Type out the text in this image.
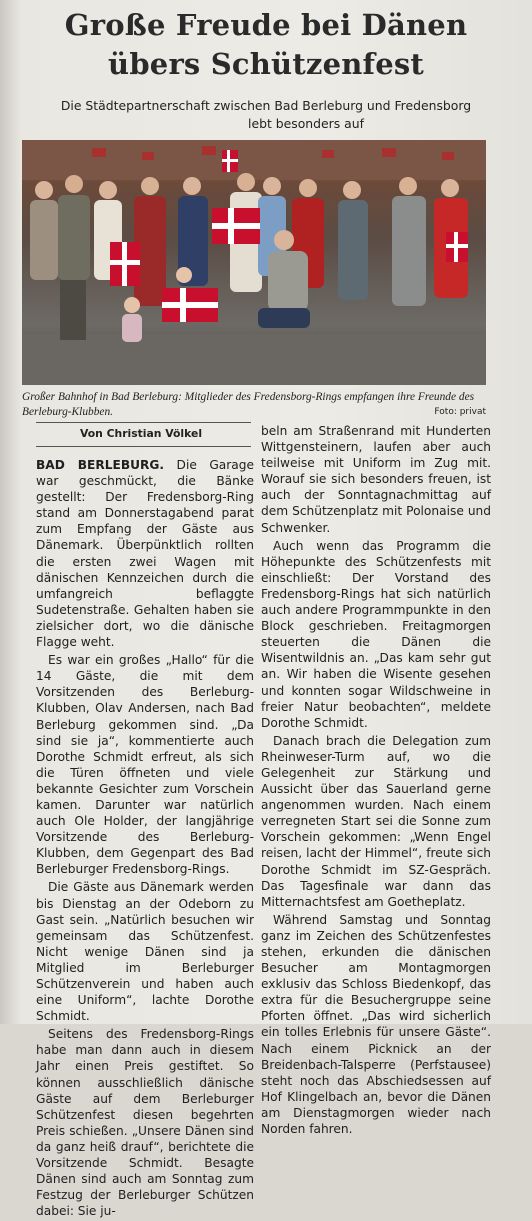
Große Freude bei Dänen
übers Schützenfest
Die Städtepartnerschaft zwischen Bad Berleburg und Fredensborg
lebt besonders auf
Großer Bahnhof in Bad Berleburg: Mitglieder des Fredensborg-Rings empfangen ihre Freunde des Berleburg-Klubben.	Foto: privat
Von Christian Völkel

BAD BERLEBURG. Die Garage war geschmückt, die Bänke gestellt: Der Fredensborg-Ring stand am Donnerstagabend parat zum Empfang der Gäste aus Dänemark. Überpünktlich rollten die ersten zwei Wagen mit dänischen Kennzeichen durch die umfangreich beflaggte Sudetenstraße. Gehalten haben sie zielsicher dort, wo die dänische Flagge weht.

Es war ein großes „Hallo“ für die 14 Gäste, die mit dem Vorsitzenden des Berleburg-Klubben, Olav Andersen, nach Bad Berleburg gekommen sind. „Da sind sie ja“, kommentierte auch Dorothe Schmidt erfreut, als sich die Türen öffneten und viele bekannte Gesichter zum Vorschein kamen. Darunter war natürlich auch Ole Holder, der langjährige Vorsitzende des Berleburg-Klubben, dem Gegenpart des Bad Berleburger Fredensborg-Rings.

Die Gäste aus Dänemark werden bis Dienstag an der Odeborn zu Gast sein. „Natürlich besuchen wir gemeinsam das Schützenfest. Nicht wenige Dänen sind ja Mitglied im Berleburger Schützenverein und haben auch eine Uniform“, lachte Dorothe Schmidt.

Seitens des Fredensborg-Rings habe man dann auch in diesem Jahr einen Preis gestiftet. So können ausschließlich dänische Gäste auf dem Berleburger Schützenfest diesen begehrten Preis schießen. „Unsere Dänen sind da ganz heiß drauf“, berichtete die Vorsitzende Schmidt. Besagte Dänen sind auch am Sonntag zum Festzug der Berleburger Schützen dabei: Sie ju-

beln am Straßenrand mit Hunderten Wittgensteinern, laufen aber auch teilweise mit Uniform im Zug mit. Worauf sie sich besonders freuen, ist auch der Sonntagnachmittag auf dem Schützenplatz mit Polonaise und Schwenker.

Auch wenn das Programm die Höhepunkte des Schützenfests mit einschließt: Der Vorstand des Fredensborg-Rings hat sich natürlich auch andere Programmpunkte in den Block geschrieben. Freitagmorgen steuerten die Dänen die Wisentwildnis an. „Das kam sehr gut an. Wir haben die Wisente gesehen und konnten sogar Wildschweine in freier Natur beobachten“, meldete Dorothe Schmidt.

Danach brach die Delegation zum Rheinweser-Turm auf, wo die Gelegenheit zur Stärkung und Aussicht über das Sauerland gerne angenommen wurden. Nach einem verregneten Start sei die Sonne zum Vorschein gekommen: „Wenn Engel reisen, lacht der Himmel“, freute sich Dorothe Schmidt im SZ-Gespräch. Das Tagesfinale war dann das Mitternachtsfest am Goetheplatz.

Während Samstag und Sonntag ganz im Zeichen des Schützenfestes stehen, erkunden die dänischen Besucher am Montagmorgen exklusiv das Schloss Biedenkopf, das extra für die Besuchergruppe seine Pforten öffnet. „Das wird sicherlich ein tolles Erlebnis für unsere Gäste“. Nach einem Picknick an der Breidenbach-Talsperre (Perfstausee) steht noch das Abschiedsessen auf Hof Klingelbach an, bevor die Dänen am Dienstagmorgen wieder nach Norden fahren.
